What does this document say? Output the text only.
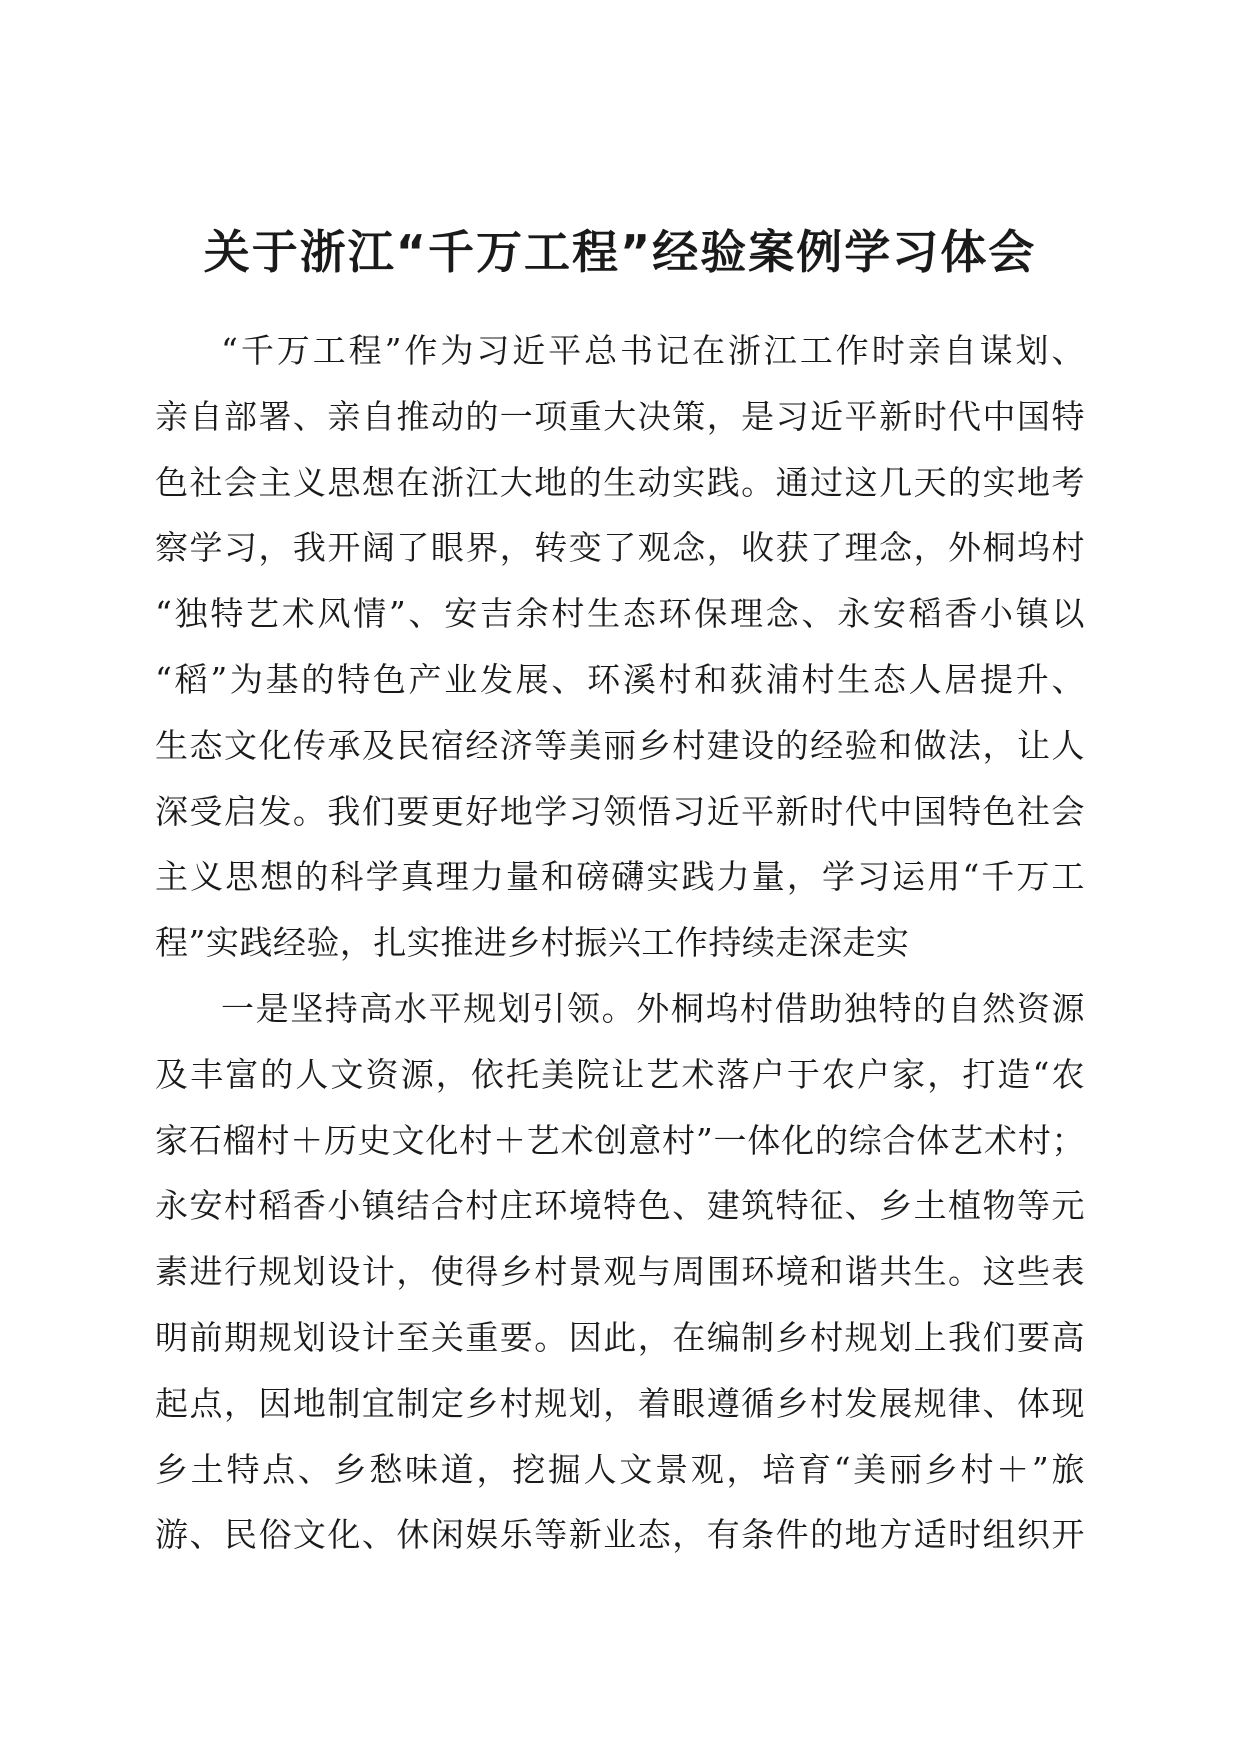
关于浙江“千万工程”经验案例学习体会
“千万工程”作为习近平总书记在浙江工作时亲自谋划、
亲自部署、亲自推动的一项重大决策，是习近平新时代中国特
色社会主义思想在浙江大地的生动实践。通过这几天的实地考
察学习，我开阔了眼界，转变了观念，收获了理念，外桐坞村
“独特艺术风情”、安吉余村生态环保理念、永安稻香小镇以
“稻”为基的特色产业发展、环溪村和荻浦村生态人居提升、
生态文化传承及民宿经济等美丽乡村建设的经验和做法，让人
深受启发。我们要更好地学习领悟习近平新时代中国特色社会
主义思想的科学真理力量和磅礴实践力量，学习运用“千万工
程”实践经验，扎实推进乡村振兴工作持续走深走实
一是坚持高水平规划引领。外桐坞村借助独特的自然资源
及丰富的人文资源，依托美院让艺术落户于农户家，打造“农
家石榴村＋历史文化村＋艺术创意村”一体化的综合体艺术村；
永安村稻香小镇结合村庄环境特色、建筑特征、乡土植物等元
素进行规划设计，使得乡村景观与周围环境和谐共生。这些表
明前期规划设计至关重要。因此，在编制乡村规划上我们要高
起点，因地制宜制定乡村规划，着眼遵循乡村发展规律、体现
乡土特点、乡愁味道，挖掘人文景观，培育“美丽乡村＋”旅
游、民俗文化、休闲娱乐等新业态，有条件的地方适时组织开
